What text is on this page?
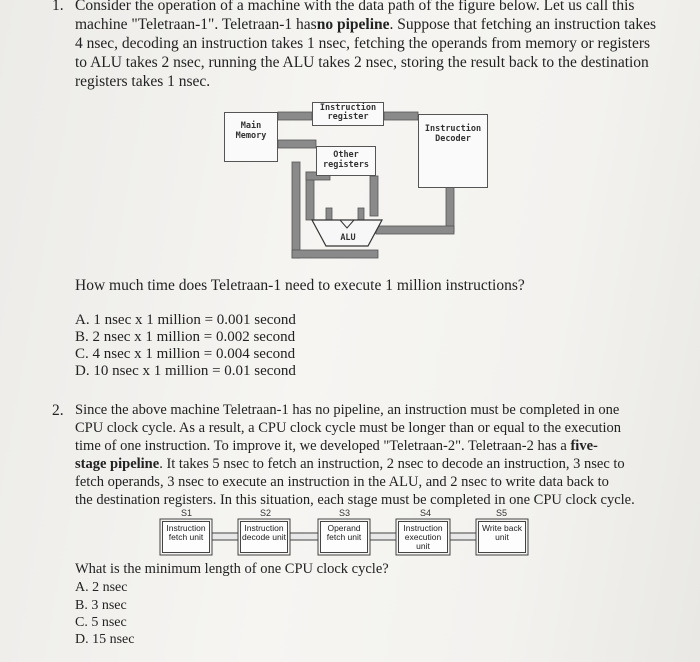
1. Consider the operation of a machine with the data path of the figure below. Let us call this
machine "Teletraan-1". Teletraan-1 hasno pipeline. Suppose that fetching an instruction takes
4 nsec, decoding an instruction takes 1 nsec, fetching the operands from memory or registers
to ALU takes 2 nsec, running the ALU takes 2 nsec, storing the result back to the destination
registers takes 1 nsec.
Main Memory
Instruction register
Instruction Decoder
Other registers
ALU
How much time does Teletraan-1 need to execute 1 million instructions?
A. 1 nsec x 1 million = 0.001 second
B. 2 nsec x 1 million = 0.002 second
C. 4 nsec x 1 million = 0.004 second
D. 10 nsec x 1 million = 0.01 second
2. Since the above machine Teletraan-1 has no pipeline, an instruction must be completed in one
CPU clock cycle. As a result, a CPU clock cycle must be longer than or equal to the execution
time of one instruction. To improve it, we developed "Teletraan-2". Teletraan-2 has a five-
stage pipeline. It takes 5 nsec to fetch an instruction, 2 nsec to decode an instruction, 3 nsec to
fetch operands, 3 nsec to execute an instruction in the ALU, and 2 nsec to write data back to
the destination registers. In this situation, each stage must be completed in one CPU clock cycle.
S1	S2	S3	S4	S5
Instruction fetch unit
Instruction decode unit
Operand fetch unit
Instruction execution unit
Write back unit
What is the minimum length of one CPU clock cycle?
A. 2 nsec
B. 3 nsec
C. 5 nsec
D. 15 nsec
